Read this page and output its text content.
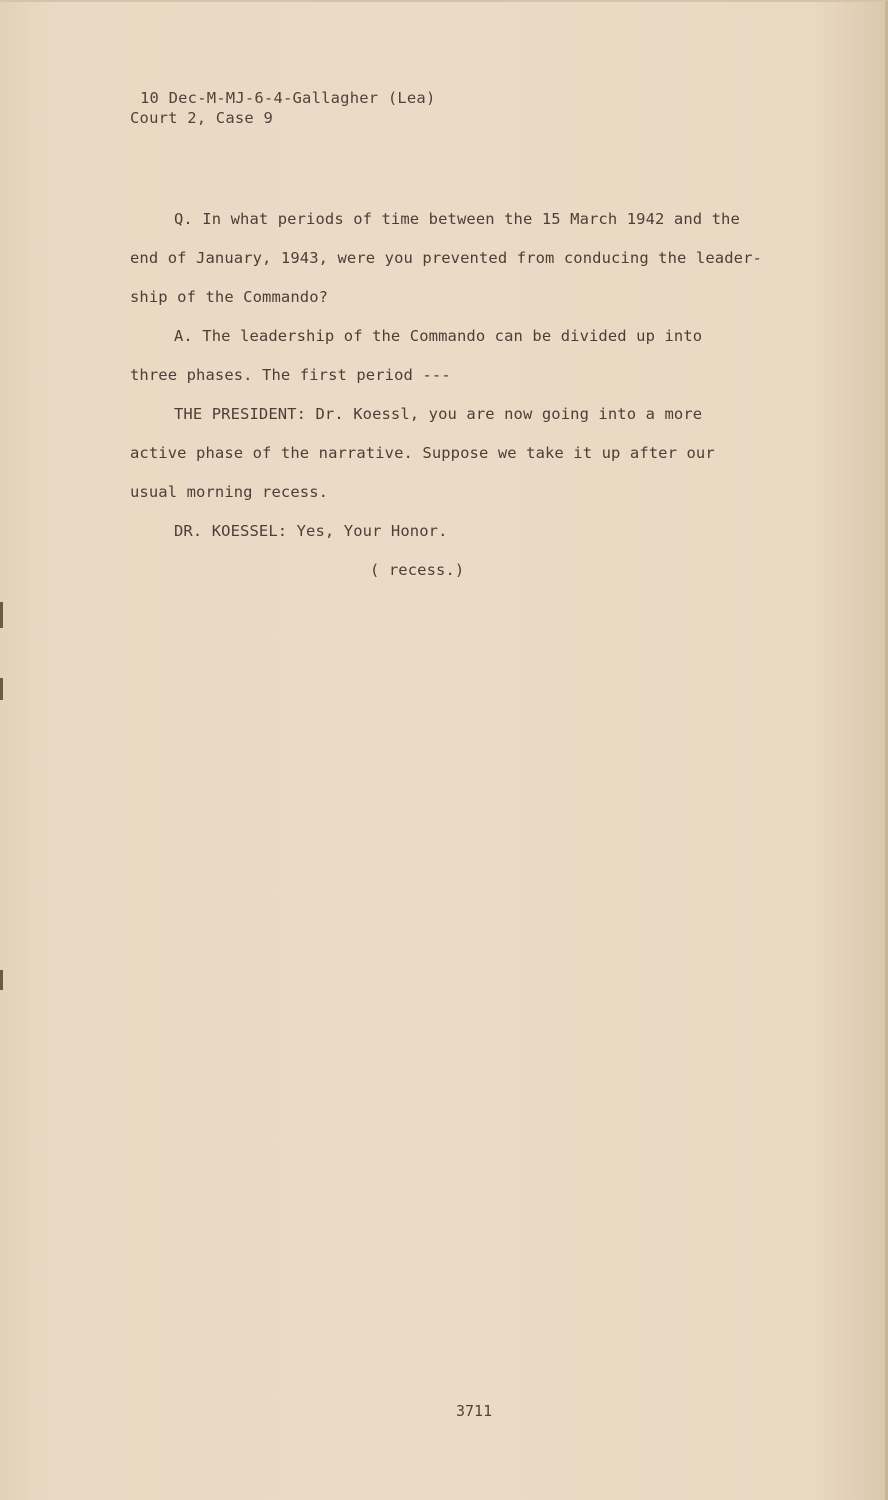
10 Dec-M-MJ-6-4-Gallagher (Lea)
Court 2, Case 9

Q. In what periods of time between the 15 March 1942 and the

end of January, 1943, were you prevented from conducing the leader-

ship of the Commando?

A. The leadership of the Commando can be divided up into

three phases. The first period ---

THE PRESIDENT: Dr. Koessl, you are now going into a more

active phase of the narrative. Suppose we take it up after our

usual morning recess.

DR. KOESSEL: Yes, Your Honor.

( recess.)

3711
